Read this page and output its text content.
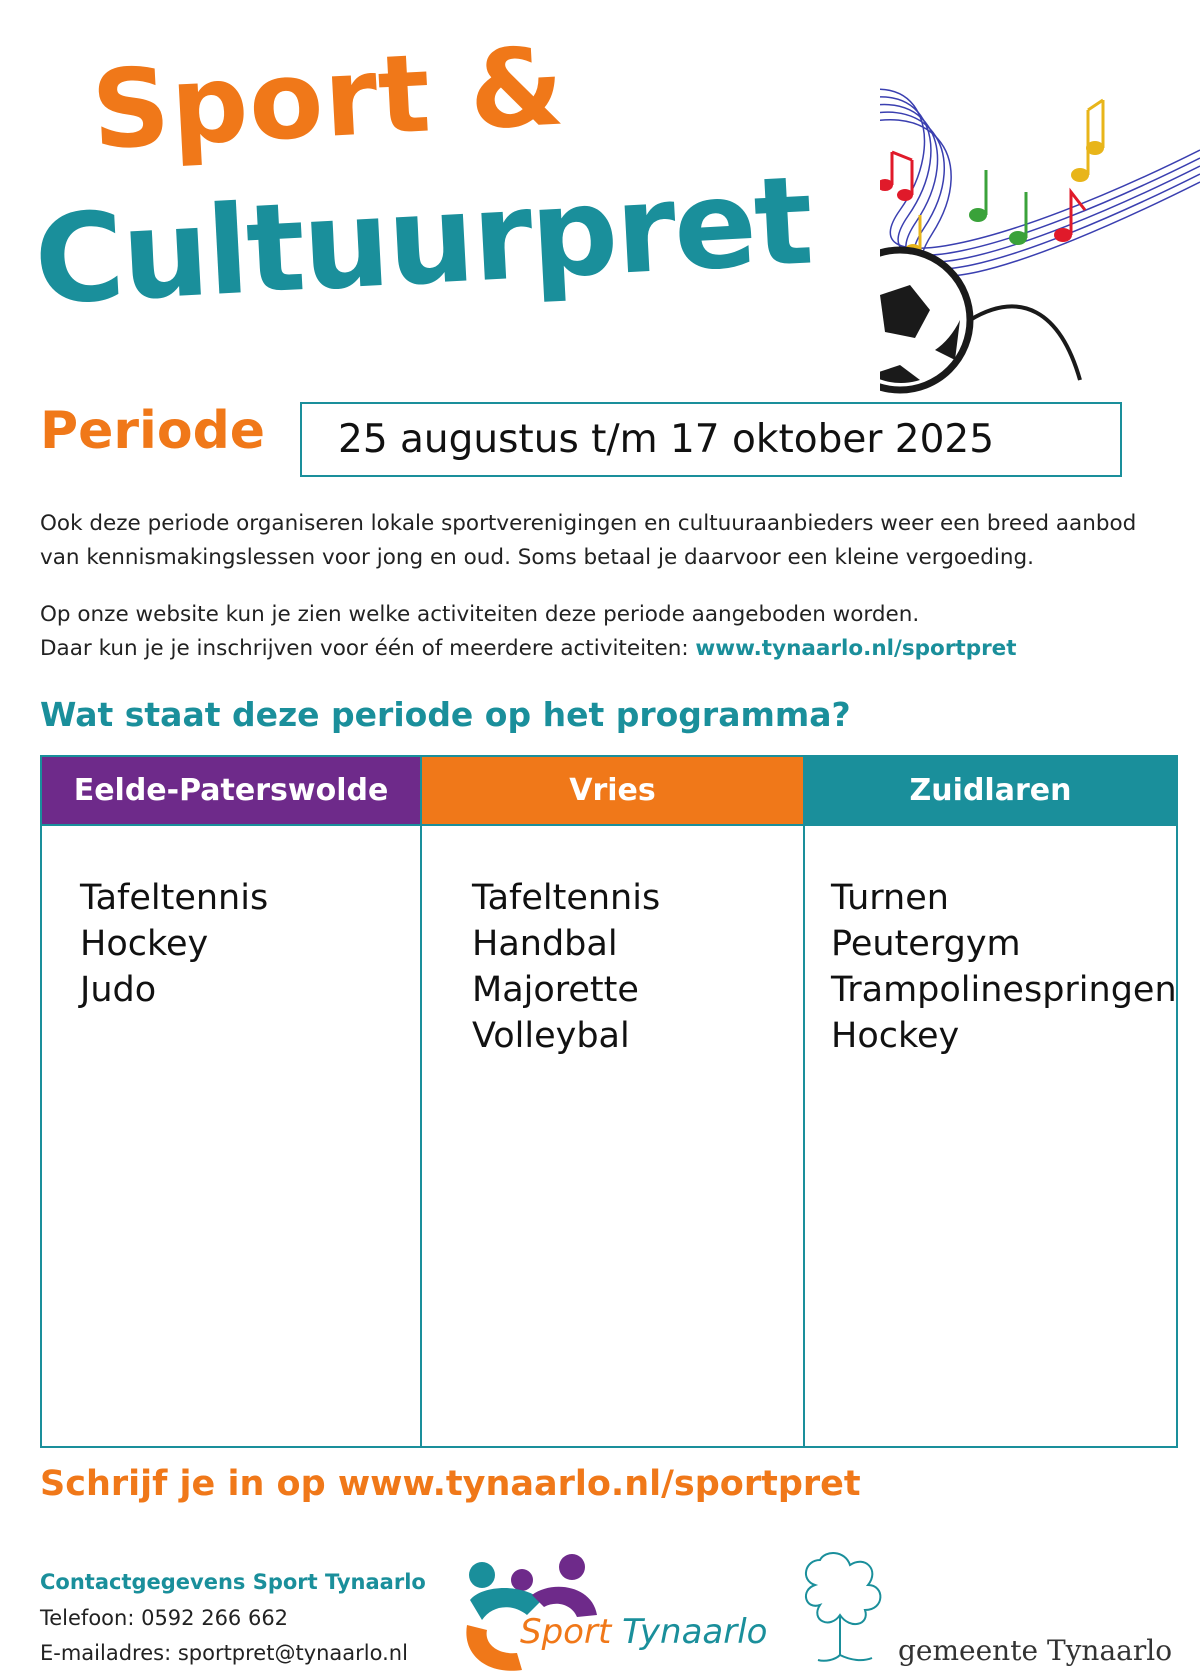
Sport &
Cultuurpret
Periode	25 augustus t/m 17 oktober 2025

Ook deze periode organiseren lokale sportverenigingen en cultuuraanbieders weer een breed aanbod van kennismakingslessen voor jong en oud. Soms betaal je daarvoor een kleine vergoeding.

Op onze website kun je zien welke activiteiten deze periode aangeboden worden.

Daar kun je je inschrijven voor één of meerdere activiteiten: www.tynaarlo.nl/sportpret

Wat staat deze periode op het programma?
Eelde-Paterswolde
Tafeltennis
Hockey
Judo
Vries
Tafeltennis
Handbal
Majorette
Volleybal
Zuidlaren
Turnen
Peutergym
Trampolinespringen
Hockey
Schrijf je in op www.tynaarlo.nl/sportpret
Contactgegevens Sport Tynaarlo
Telefoon: 0592 266 662
E-mailadres: sportpret@tynaarlo.nl
Sport Tynaarlo	gemeente Tynaarlo
